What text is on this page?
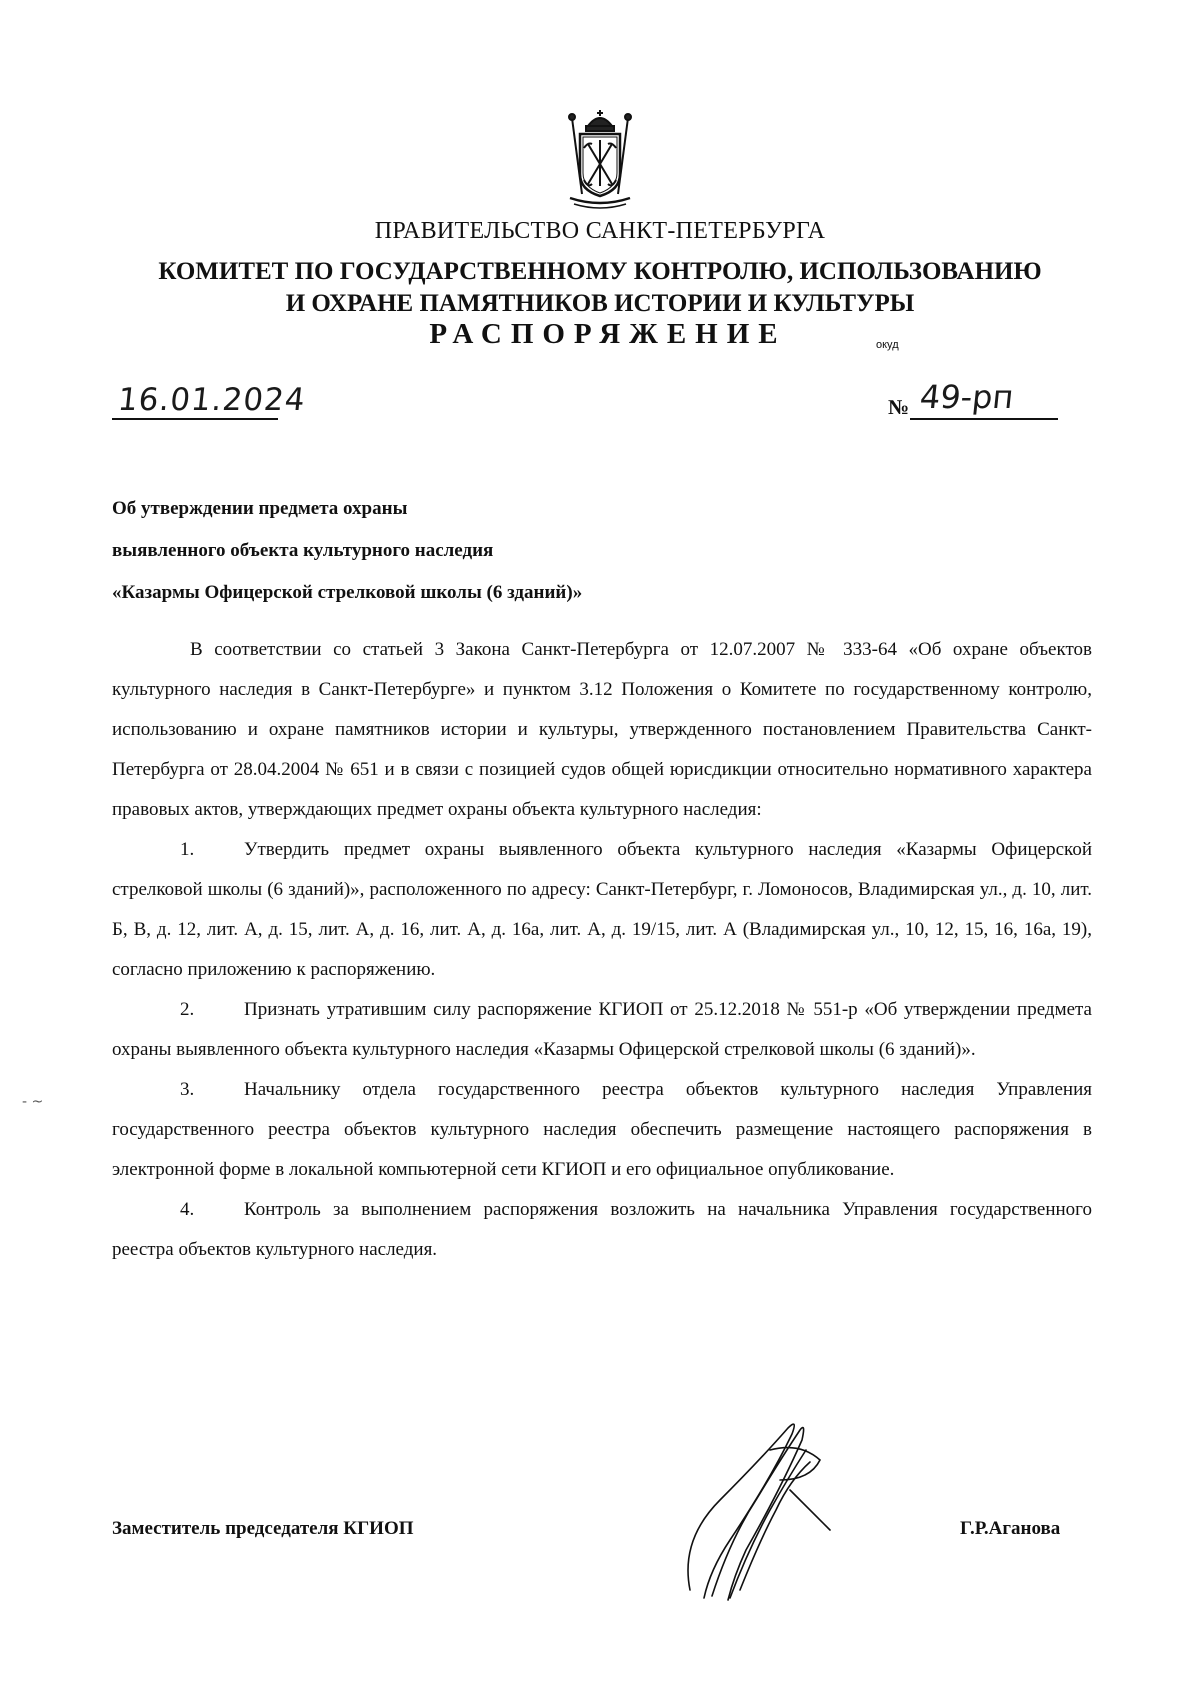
ПРАВИТЕЛЬСТВО САНКТ-ПЕТЕРБУРГА
КОМИТЕТ ПО ГОСУДАРСТВЕННОМУ КОНТРОЛЮ, ИСПОЛЬЗОВАНИЮ
И ОХРАНЕ ПАМЯТНИКОВ ИСТОРИИ И КУЛЬТУРЫ
РАСПОРЯЖЕНИЕ	окуд
16.01.2024	№ 49-рп
Об утверждении предмета охраны
выявленного объекта культурного наследия
«Казармы Офицерской стрелковой школы (6 зданий)»

В соответствии со статьей 3 Закона Санкт-Петербурга от 12.07.2007 № 333-64 «Об охране объектов культурного наследия в Санкт-Петербурге» и пунктом 3.12 Положения о Комитете по государственному контролю, использованию и охране памятников истории и культуры, утвержденного постановлением Правительства Санкт-Петербурга от 28.04.2004 № 651 и в связи с позицией судов общей юрисдикции относительно нормативного характера правовых актов, утверждающих предмет охраны объекта культурного наследия:

1.	Утвердить предмет охраны выявленного объекта культурного наследия «Казармы Офицерской стрелковой школы (6 зданий)», расположенного по адресу: Санкт-Петербург, г. Ломоносов, Владимирская ул., д. 10, лит. Б, В, д. 12, лит. А, д. 15, лит. А, д. 16, лит. А, д. 16а, лит. А, д. 19/15, лит. А (Владимирская ул., 10, 12, 15, 16, 16а, 19), согласно приложению к распоряжению.

2.	Признать утратившим силу распоряжение КГИОП от 25.12.2018 № 551-р «Об утверждении предмета охраны выявленного объекта культурного наследия «Казармы Офицерской стрелковой школы (6 зданий)».

3.	Начальнику отдела государственного реестра объектов культурного наследия Управления государственного реестра объектов культурного наследия обеспечить размещение настоящего распоряжения в электронной форме в локальной компьютерной сети КГИОП и его официальное опубликование.

4.	Контроль за выполнением распоряжения возложить на начальника Управления государственного реестра объектов культурного наследия.

- ~
Заместитель председателя КГИОП	Г.Р.Аганова
